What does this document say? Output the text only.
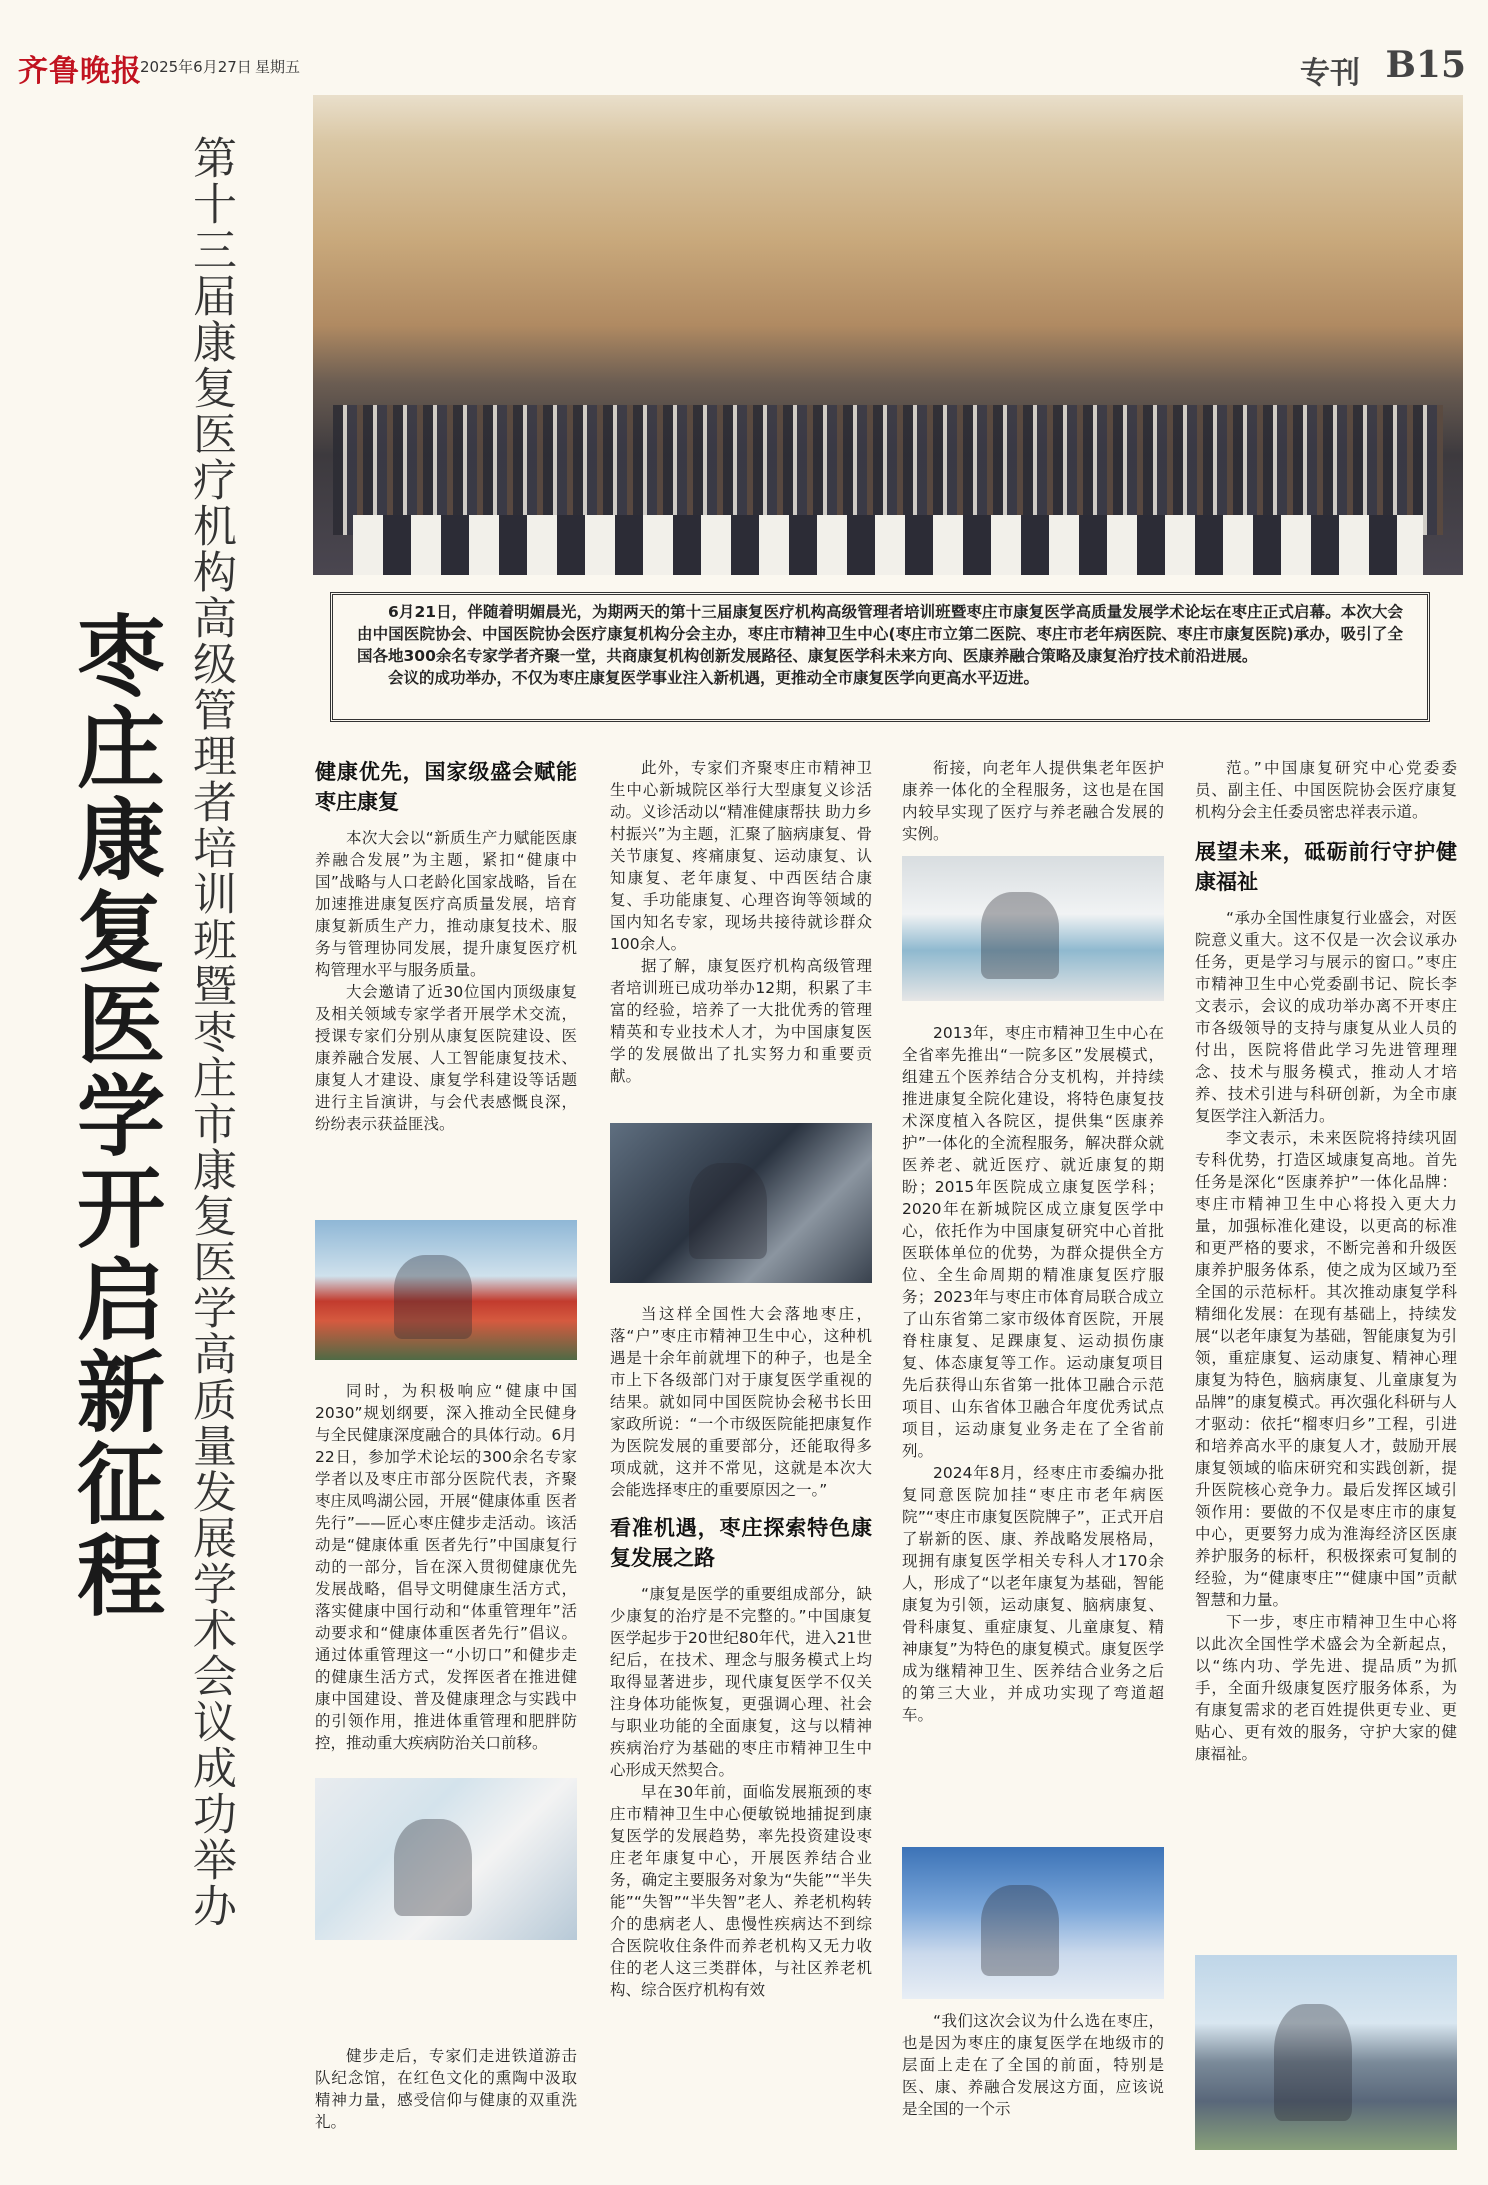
齐鲁晚报
2025年6月27日 星期五	专刊 B15
枣庄康复医学开启新征程 第十三届康复医疗机构高级管理者培训班暨枣庄市康复医学高质量发展学术会议成功举办	6月21日，伴随着明媚晨光，为期两天的第十三届康复医疗机构高级管理者培训班暨枣庄市康复医学高质量发展学术论坛在枣庄正式启幕。本次大会由中国医院协会、中国医院协会医疗康复机构分会主办，枣庄市精神卫生中心(枣庄市立第二医院、枣庄市老年病医院、枣庄市康复医院)承办，吸引了全国各地300余名专家学者齐聚一堂，共商康复机构创新发展路径、康复医学科未来方向、医康养融合策略及康复治疗技术前沿进展。

会议的成功举办，不仅为枣庄康复医学事业注入新机遇，更推动全市康复医学向更高水平迈进。

健康优先，国家级盛会赋能枣庄康复

本次大会以“新质生产力赋能医康养融合发展”为主题，紧扣“健康中国”战略与人口老龄化国家战略，旨在加速推进康复医疗高质量发展，培育康复新质生产力，推动康复技术、服务与管理协同发展，提升康复医疗机构管理水平与服务质量。

大会邀请了近30位国内顶级康复及相关领域专家学者开展学术交流，授课专家们分别从康复医院建设、医康养融合发展、人工智能康复技术、康复人才建设、康复学科建设等话题进行主旨演讲，与会代表感慨良深，纷纷表示获益匪浅。

同时，为积极响应“健康中国2030”规划纲要，深入推动全民健身与全民健康深度融合的具体行动。6月22日，参加学术论坛的300余名专家学者以及枣庄市部分医院代表，齐聚枣庄凤鸣湖公园，开展“健康体重 医者先行”——匠心枣庄健步走活动。该活动是“健康体重 医者先行”中国康复行动的一部分，旨在深入贯彻健康优先发展战略，倡导文明健康生活方式，落实健康中国行动和“体重管理年”活动要求和“健康体重医者先行”倡议。通过体重管理这一“小切口”和健步走的健康生活方式，发挥医者在推进健康中国建设、普及健康理念与实践中的引领作用，推进体重管理和肥胖防控，推动重大疾病防治关口前移。

健步走后，专家们走进铁道游击队纪念馆，在红色文化的熏陶中汲取精神力量，感受信仰与健康的双重洗礼。

此外，专家们齐聚枣庄市精神卫生中心新城院区举行大型康复义诊活动。义诊活动以“精准健康帮扶 助力乡村振兴”为主题，汇聚了脑病康复、骨关节康复、疼痛康复、运动康复、认知康复、老年康复、中西医结合康复、手功能康复、心理咨询等领域的国内知名专家，现场共接待就诊群众100余人。

据了解，康复医疗机构高级管理者培训班已成功举办12期，积累了丰富的经验，培养了一大批优秀的管理精英和专业技术人才，为中国康复医学的发展做出了扎实努力和重要贡献。

当这样全国性大会落地枣庄，落“户”枣庄市精神卫生中心，这种机遇是十余年前就埋下的种子，也是全市上下各级部门对于康复医学重视的结果。就如同中国医院协会秘书长田家政所说：“一个市级医院能把康复作为医院发展的重要部分，还能取得多项成就，这并不常见，这就是本次大会能选择枣庄的重要原因之一。”

看准机遇，枣庄探索特色康复发展之路

“康复是医学的重要组成部分，缺少康复的治疗是不完整的。”中国康复医学起步于20世纪80年代，进入21世纪后，在技术、理念与服务模式上均取得显著进步，现代康复医学不仅关注身体功能恢复，更强调心理、社会与职业功能的全面康复，这与以精神疾病治疗为基础的枣庄市精神卫生中心形成天然契合。

早在30年前，面临发展瓶颈的枣庄市精神卫生中心便敏锐地捕捉到康复医学的发展趋势，率先投资建设枣庄老年康复中心，开展医养结合业务，确定主要服务对象为“失能”“半失能”“失智”“半失智”老人、养老机构转介的患病老人、患慢性疾病达不到综合医院收住条件而养老机构又无力收住的老人这三类群体，与社区养老机构、综合医疗机构有效

衔接，向老年人提供集老年医护康养一体化的全程服务，这也是在国内较早实现了医疗与养老融合发展的实例。

2013年，枣庄市精神卫生中心在全省率先推出“一院多区”发展模式，组建五个医养结合分支机构，并持续推进康复全院化建设，将特色康复技术深度植入各院区，提供集“医康养护”一体化的全流程服务，解决群众就医养老、就近医疗、就近康复的期盼；2015年医院成立康复医学科；2020年在新城院区成立康复医学中心，依托作为中国康复研究中心首批医联体单位的优势，为群众提供全方位、全生命周期的精准康复医疗服务；2023年与枣庄市体育局联合成立了山东省第二家市级体育医院，开展脊柱康复、足踝康复、运动损伤康复、体态康复等工作。运动康复项目先后获得山东省第一批体卫融合示范项目、山东省体卫融合年度优秀试点项目，运动康复业务走在了全省前列。

2024年8月，经枣庄市委编办批复同意医院加挂“枣庄市老年病医院”“枣庄市康复医院牌子”，正式开启了崭新的医、康、养战略发展格局，现拥有康复医学相关专科人才170余人，形成了“以老年康复为基础，智能康复为引领，运动康复、脑病康复、骨科康复、重症康复、儿童康复、精神康复”为特色的康复模式。康复医学成为继精神卫生、医养结合业务之后的第三大业，并成功实现了弯道超车。

“我们这次会议为什么选在枣庄，也是因为枣庄的康复医学在地级市的层面上走在了全国的前面，特别是医、康、养融合发展这方面，应该说是全国的一个示

范。”中国康复研究中心党委委员、副主任、中国医院协会医疗康复机构分会主任委员密忠祥表示道。

展望未来，砥砺前行守护健康福祉

“承办全国性康复行业盛会，对医院意义重大。这不仅是一次会议承办任务，更是学习与展示的窗口。”枣庄市精神卫生中心党委副书记、院长李文表示，会议的成功举办离不开枣庄市各级领导的支持与康复从业人员的付出，医院将借此学习先进管理理念、技术与服务模式，推动人才培养、技术引进与科研创新，为全市康复医学注入新活力。

李文表示，未来医院将持续巩固专科优势，打造区域康复高地。首先任务是深化“医康养护”一体化品牌：枣庄市精神卫生中心将投入更大力量，加强标准化建设，以更高的标准和更严格的要求，不断完善和升级医康养护服务体系，使之成为区域乃至全国的示范标杆。其次推动康复学科精细化发展：在现有基础上，持续发展“以老年康复为基础，智能康复为引领，重症康复、运动康复、精神心理康复为特色，脑病康复、儿童康复为品牌”的康复模式。再次强化科研与人才驱动：依托“榴枣归乡”工程，引进和培养高水平的康复人才，鼓励开展康复领域的临床研究和实践创新，提升医院核心竞争力。最后发挥区域引领作用：要做的不仅是枣庄市的康复中心，更要努力成为淮海经济区医康养护服务的标杆，积极探索可复制的经验，为“健康枣庄”“健康中国”贡献智慧和力量。

下一步，枣庄市精神卫生中心将以此次全国性学术盛会为全新起点，以“练内功、学先进、提品质”为抓手，全面升级康复医疗服务体系，为有康复需求的老百姓提供更专业、更贴心、更有效的服务，守护大家的健康福祉。
